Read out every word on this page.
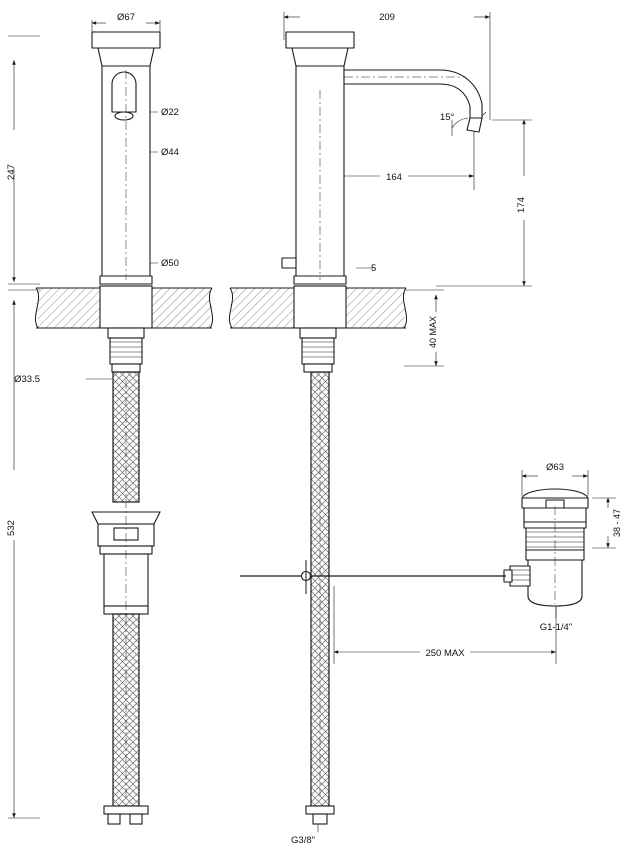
Ø67
Ø22
Ø44
Ø50
247
532
Ø33.5
209
164
174
15°
5
40 MAX
G3/8"
Ø63
38 - 47
G1-1/4"
250 MAX
